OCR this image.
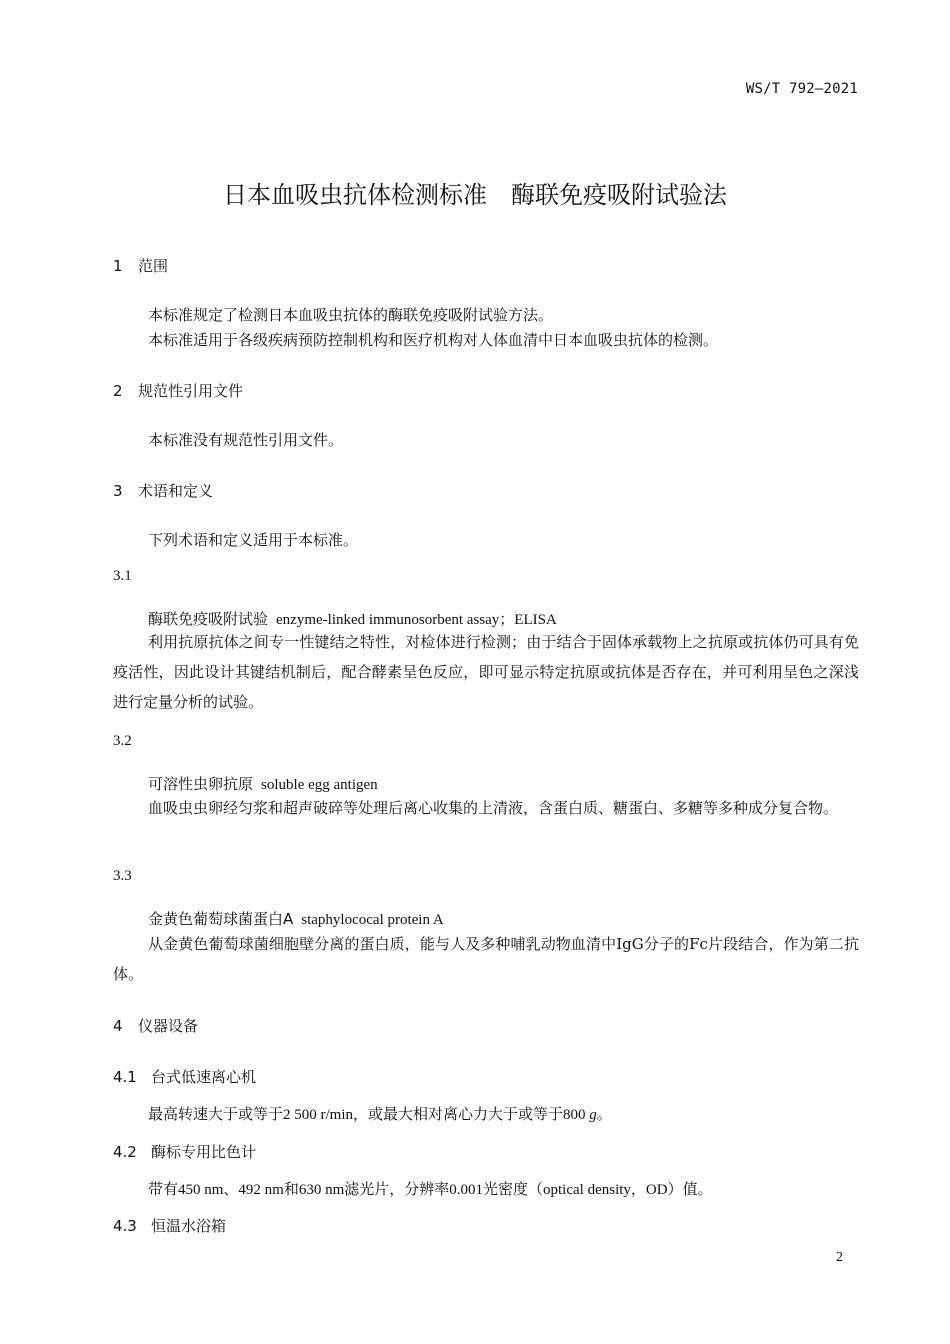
WS/T 792—2021
日本血吸虫抗体检测标准　酶联免疫吸附试验法
1 范围
本标准规定了检测日本血吸虫抗体的酶联免疫吸附试验方法。
本标准适用于各级疾病预防控制机构和医疗机构对人体血清中日本血吸虫抗体的检测。
2 规范性引用文件
本标准没有规范性引用文件。
3 术语和定义
下列术语和定义适用于本标准。
3.1
酶联免疫吸附试验 enzyme-linked immunosorbent assay；ELISA
利用抗原抗体之间专一性键结之特性，对检体进行检测；由于结合于固体承载物上之抗原或抗体仍可具有免疫活性，因此设计其键结机制后，配合酵素呈色反应，即可显示特定抗原或抗体是否存在，并可利用呈色之深浅进行定量分析的试验。
3.2
可溶性虫卵抗原 soluble egg antigen
血吸虫虫卵经匀浆和超声破碎等处理后离心收集的上清液，含蛋白质、糖蛋白、多糖等多种成分复合物。
3.3
金黄色葡萄球菌蛋白A staphylococal protein A
从金黄色葡萄球菌细胞壁分离的蛋白质，能与人及多种哺乳动物血清中IgG分子的Fc片段结合，作为第二抗体。
4 仪器设备
4.1 台式低速离心机
最高转速大于或等于2 500 r/min，或最大相对离心力大于或等于800 g。
4.2 酶标专用比色计
带有450 nm、492 nm和630 nm滤光片，分辨率0.001光密度（optical density，OD）值。
4.3 恒温水浴箱
2
